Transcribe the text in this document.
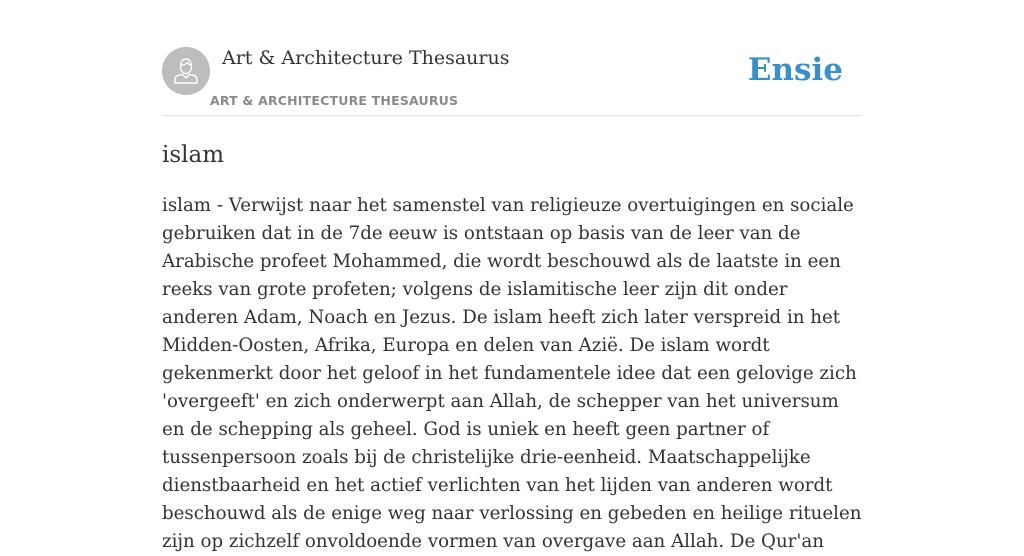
Art & Architecture Thesaurus
ART & ARCHITECTURE THESAURUS
Ensie
islam

islam - Verwijst naar het samenstel van religieuze overtuigingen en sociale gebruiken dat in de 7de eeuw is ontstaan op basis van de leer van de Arabische profeet Mohammed, die wordt beschouwd als de laatste in een reeks van grote profeten; volgens de islamitische leer zijn dit onder anderen Adam, Noach en Jezus. De islam heeft zich later verspreid in het Midden-Oosten, Afrika, Europa en delen van Azië. De islam wordt gekenmerkt door het geloof in het fundamentele idee dat een gelovige zich 'overgeeft' en zich onderwerpt aan Allah, de schepper van het universum en de schepping als geheel. God is uniek en heeft geen partner of tussenpersoon zoals bij de christelijke drie-eenheid. Maatschappelijke dienstbaarheid en het actief verlichten van het lijden van anderen wordt beschouwd als de enige weg naar verlossing en gebeden en heilige rituelen zijn op zichzelf onvoldoende vormen van overgave aan Allah. De Qur'an
